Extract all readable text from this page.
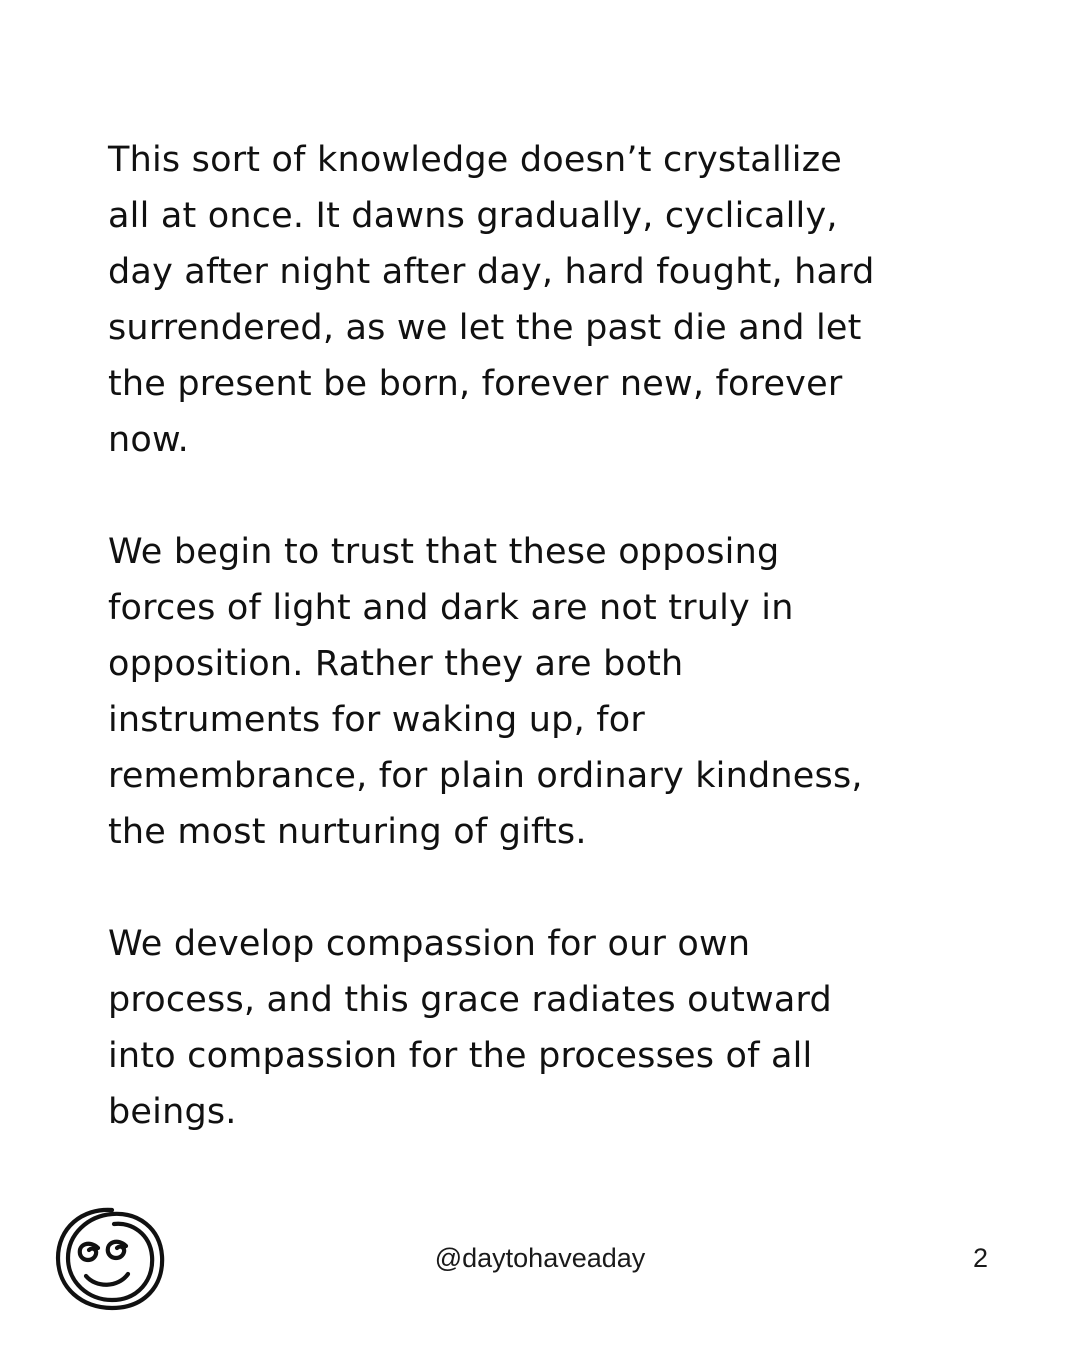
This sort of knowledge doesn’t crystallize
all at once. It dawns gradually, cyclically,
day after night after day, hard fought, hard
surrendered, as we let the past die and let
the present be born, forever new, forever
now.

We begin to trust that these opposing
forces of light and dark are not truly in
opposition. Rather they are both
instruments for waking up, for
remembrance, for plain ordinary kindness,
the most nurturing of gifts.

We develop compassion for our own
process, and this grace radiates outward
into compassion for the processes of all
beings.

@daytohaveaday	2
